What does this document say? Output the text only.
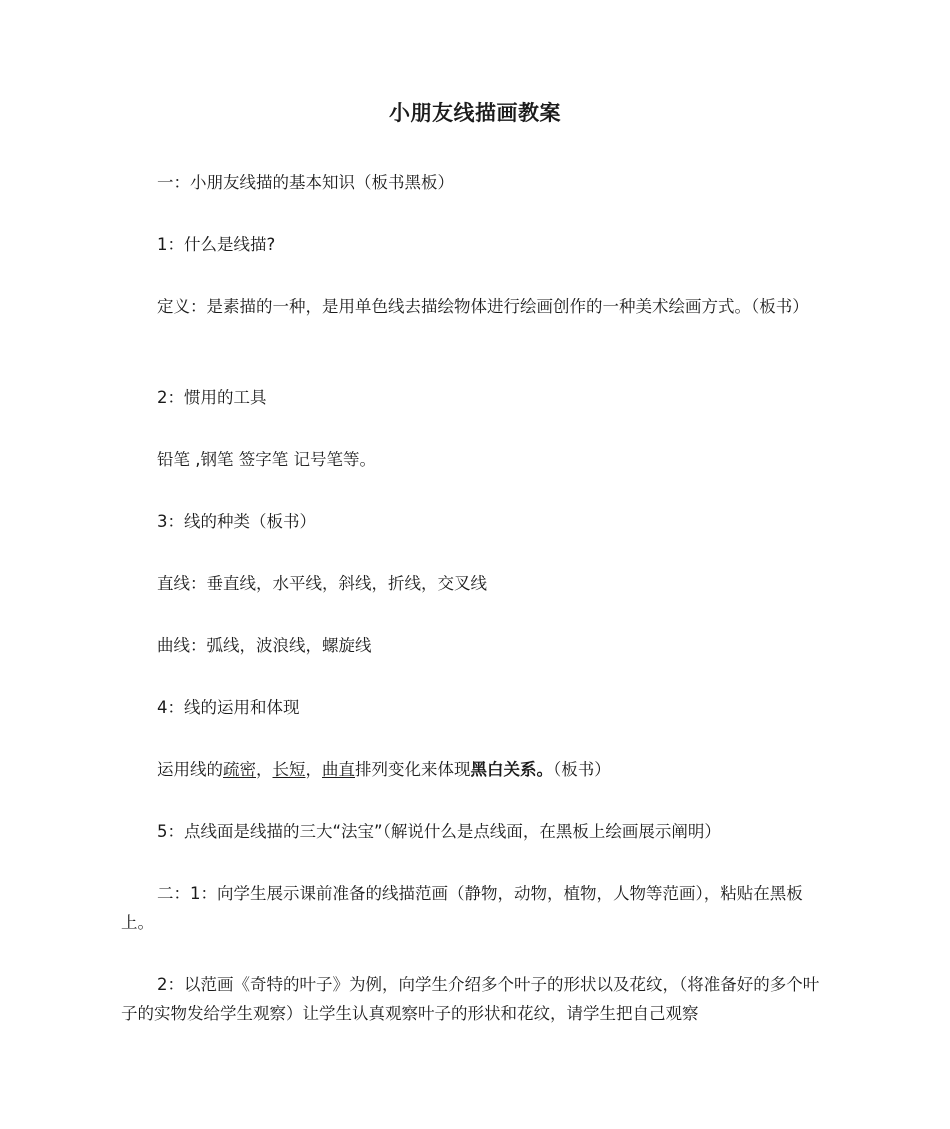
小朋友线描画教案
一：小朋友线描的基本知识（板书黑板）
1：什么是线描?
定义：是素描的一种，是用单色线去描绘物体进行绘画创作的一种美术绘画方式。（板书）
2：惯用的工具
铅笔 ,钢笔 签字笔 记号笔等。
3：线的种类（板书）
直线：垂直线，水平线，斜线，折线，交叉线
曲线：弧线，波浪线，螺旋线
4：线的运用和体现
运用线的疏密，长短，曲直排列变化来体现黑白关系。（板书）
5：点线面是线描的三大“法宝”（解说什么是点线面，在黑板上绘画展示阐明）
二：1：向学生展示课前准备的线描范画（静物，动物，植物，人物等范画），粘贴在黑板上。
2：以范画《奇特的叶子》为例，向学生介绍多个叶子的形状以及花纹，（将准备好的多个叶子的实物发给学生观察）让学生认真观察叶子的形状和花纹，请学生把自己观察
